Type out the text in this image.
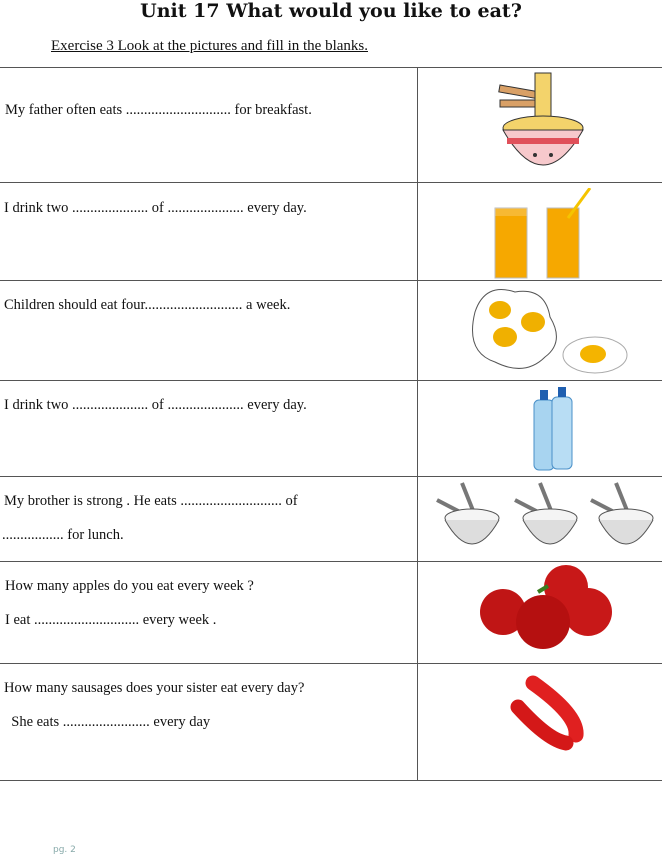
Unit 17 What would you like to eat?
Exercise 3 Look at the pictures and fill in the blanks.
My father often eats ............................. for breakfast.
I drink two ..................... of ..................... every day.
Children should eat four........................... a week.
I drink two ..................... of ..................... every day.
My brother is strong . He eats ............................ of
................. for lunch.
How many apples do you eat every week ?
I eat ............................. every week .
How many sausages does your sister eat every day?
She eats ........................ every day
pg. 2
